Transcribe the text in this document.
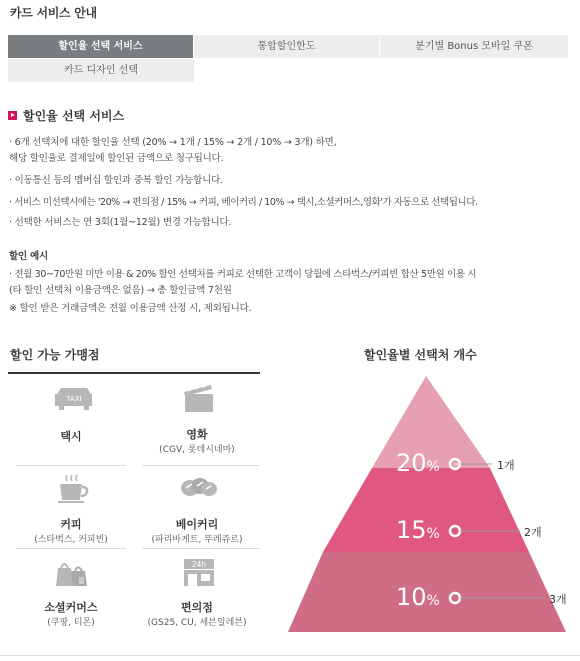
카드 서비스 안내
할인율 선택 서비스	통합할인한도	분기별 Bonus 모바일 쿠폰
카드 디자인 선택
할인율 선택 서비스
· 6개 선택처에 대한 할인율 선택 (20% → 1개 / 15% → 2개 / 10% → 3개) 하면,
해당 할인율로 결제일에 할인된 금액으로 청구됩니다.
· 이동통신 등의 멤버십 할인과 중복 할인 가능합니다.
· 서비스 미선택시에는 '20% → 편의점 / 15% → 커피, 베이커리 / 10% → 택시,소셜커머스,영화'가 자동으로 선택됩니다.
· 선택한 서비스는 연 3회(1월~12월) 변경 가능합니다.
할인 예시
· 전월 30~70만원 미만 이용 & 20% 할인 선택처를 커피로 선택한 고객이 당월에 스타벅스/커피빈 합산 5만원 이용 시
(타 할인 선택처 이용금액은 없음) → 총 할인금액 7천원
※ 할인 받은 거래금액은 전월 이용금액 산정 시, 제외됩니다.
할인 가능 가맹점
TAXI
택시	영화
(CGV, 롯데시네마)
커피
(스타벅스, 커피빈)
베이커리
(파리바게트, 뚜레쥬르)
소셜커머스
(쿠팡, 티몬)
24h
편의점
(GS25, CU, 세븐일레븐)
할인율별 선택처 개수
20%
15%
10%
1개
2개
3개
